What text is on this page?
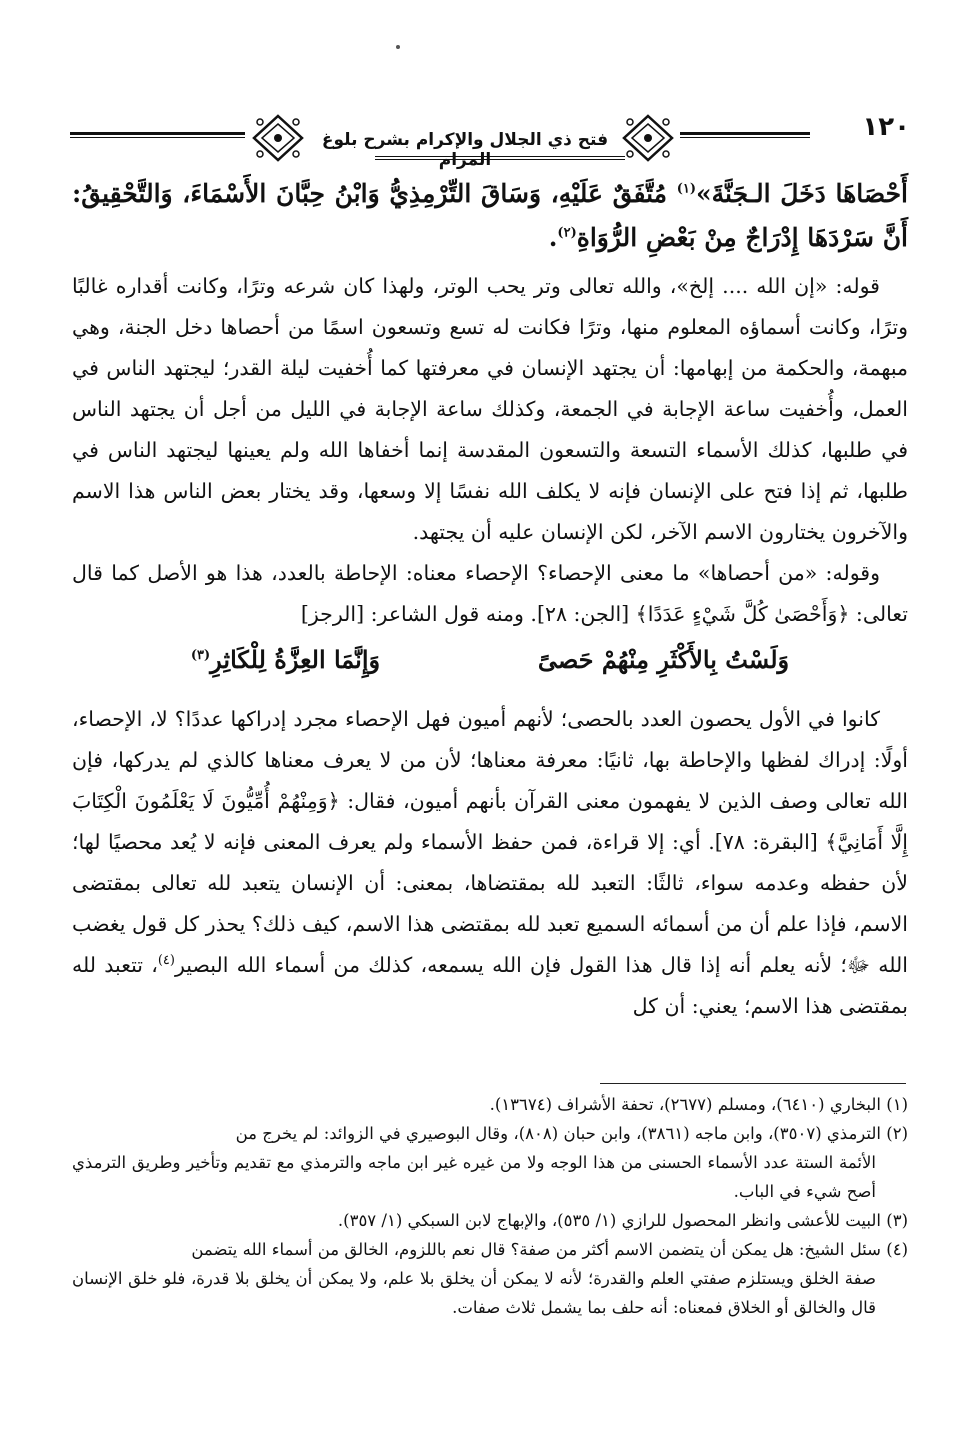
فتح ذي الجلال والإكرام بشرح بلوغ المرام
١٢٠

أَحْصَاهَا دَخَلَ الـجَنَّةَ»$^{(١)}$ مُتَّفَقٌ عَلَيْهِ، وَسَاقَ التِّرْمِذِيُّ وَابْنُ حِبَّانَ الأَسْمَاءَ، وَالتَّحْقِيقُ: أَنَّ سَرْدَهَا إِدْرَاجٌ مِنْ بَعْضِ الرُّوَاةِ$^{(٢)}$.

قوله: «إن الله .... إلخ»، والله تعالى وتر يحب الوتر، ولهذا كان شرعه وترًا، وكانت أقداره غالبًا وترًا، وكانت أسماؤه المعلوم منها، وترًا فكانت له تسع وتسعون اسمًا من أحصاها دخل الجنة، وهي مبهمة، والحكمة من إبهامها: أن يجتهد الإنسان في معرفتها كما أُخفيت ليلة القدر؛ ليجتهد الناس في العمل، وأُخفيت ساعة الإجابة في الجمعة، وكذلك ساعة الإجابة في الليل من أجل أن يجتهد الناس في طلبها، كذلك الأسماء التسعة والتسعون المقدسة إنما أخفاها الله ولم يعينها ليجتهد الناس في طلبها، ثم إذا فتح على الإنسان فإنه لا يكلف الله نفسًا إلا وسعها، وقد يختار بعض الناس هذا الاسم والآخرون يختارون الاسم الآخر، لكن الإنسان عليه أن يجتهد.

وقوله: «من أحصاها» ما معنى الإحصاء؟ الإحصاء معناه: الإحاطة بالعدد، هذا هو الأصل كما قال تعالى: ﴿وَأَحْصَىٰ كُلَّ شَيْءٍ عَدَدًا﴾ [الجن: ٢٨]. ومنه قول الشاعر: [الرجز]

وَلَسْتُ بِالأَكْثَرِ مِنْهُمْ حَصىً
وَإِنَّمَا العِزَّةُ لِلْكَاثِرِ$^{(٣)}$

كانوا في الأول يحصون العدد بالحصى؛ لأنهم أميون فهل الإحصاء مجرد إدراكها عددًا؟ لا، الإحصاء، أولًا: إدراك لفظها والإحاطة بها، ثانيًا: معرفة معناها؛ لأن من لا يعرف معناها كالذي لم يدركها، فإن الله تعالى وصف الذين لا يفهمون معنى القرآن بأنهم أميون، فقال: ﴿وَمِنْهُمْ أُمِّيُّونَ لَا يَعْلَمُونَ الْكِتَابَ إِلَّا أَمَانِيَّ﴾ [البقرة: ٧٨]. أي: إلا قراءة، فمن حفظ الأسماء ولم يعرف المعنى فإنه لا يُعد محصيًا لها؛ لأن حفظه وعدمه سواء، ثالثًا: التعبد لله بمقتضاها، بمعنى: أن الإنسان يتعبد لله تعالى بمقتضى الاسم، فإذا علم أن من أسمائه السميع تعبد لله بمقتضى هذا الاسم، كيف ذلك؟ يحذر كل قول يغضب الله ﷻ؛ لأنه يعلم أنه إذا قال هذا القول فإن الله يسمعه، كذلك من أسماء الله البصير$^{(٤)}$، تتعبد لله بمقتضى هذا الاسم؛ يعني: أن كل

(١) البخاري (٦٤١٠)، ومسلم (٢٦٧٧)، تحفة الأشراف (١٣٦٧٤).

(٢) الترمذي (٣٥٠٧)، وابن ماجه (٣٨٦١)، وابن حبان (٨٠٨)، وقال البوصيري في الزوائد: لم يخرج من
الأئمة الستة عدد الأسماء الحسنى من هذا الوجه ولا من غيره غير ابن ماجه والترمذي مع تقديم وتأخير وطريق الترمذي أصح شيء في الباب.

(٣) البيت للأعشى وانظر المحصول للرازي (١/ ٥٣٥)، والإبهاج لابن السبكي (١/ ٣٥٧).

(٤) سئل الشيخ: هل يمكن أن يتضمن الاسم أكثر من صفة؟ قال نعم باللزوم، الخالق من أسماء الله يتضمن
صفة الخلق ويستلزم صفتي العلم والقدرة؛ لأنه لا يمكن أن يخلق بلا علم، ولا يمكن أن يخلق بلا قدرة، فلو خلق الإنسان قال والخالق أو الخلاق فمعناه: أنه حلف بما يشمل ثلاث صفات.
